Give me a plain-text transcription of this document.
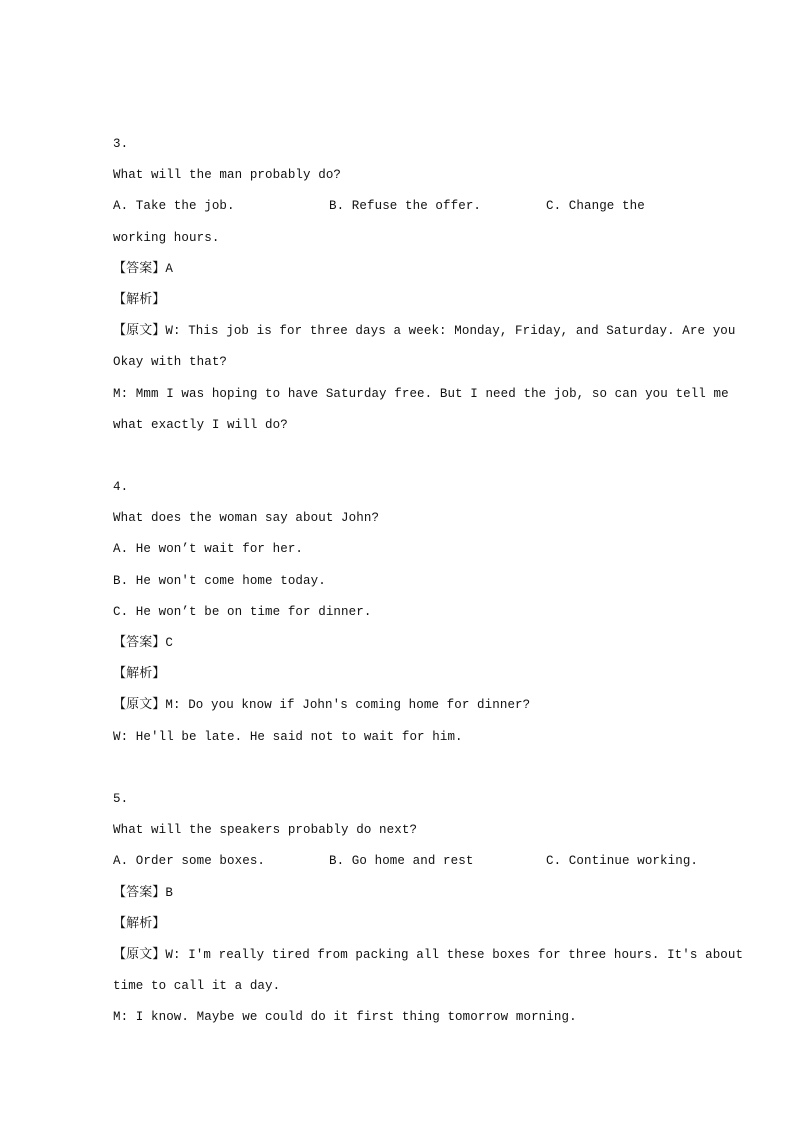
3.
What will the man probably do?
A. Take the job.	B. Refuse the offer.	C. Change the
working hours.
【答案】A
【解析】
【原文】W: This job is for three days a week: Monday, Friday, and Saturday. Are you
Okay with that?
M: Mmm I was hoping to have Saturday free. But I need the job, so can you tell me
what exactly I will do?
4.
What does the woman say about John?
A. He won’t wait for her.
B. He won't come home today.
C. He won’t be on time for dinner.
【答案】C
【解析】
【原文】M: Do you know if John's coming home for dinner?
W: He'll be late. He said not to wait for him.
5.
What will the speakers probably do next?
A. Order some boxes.	B. Go home and rest	C. Continue working.
【答案】B
【解析】
【原文】W: I'm really tired from packing all these boxes for three hours. It's about
time to call it a day.
M: I know. Maybe we could do it first thing tomorrow morning.
